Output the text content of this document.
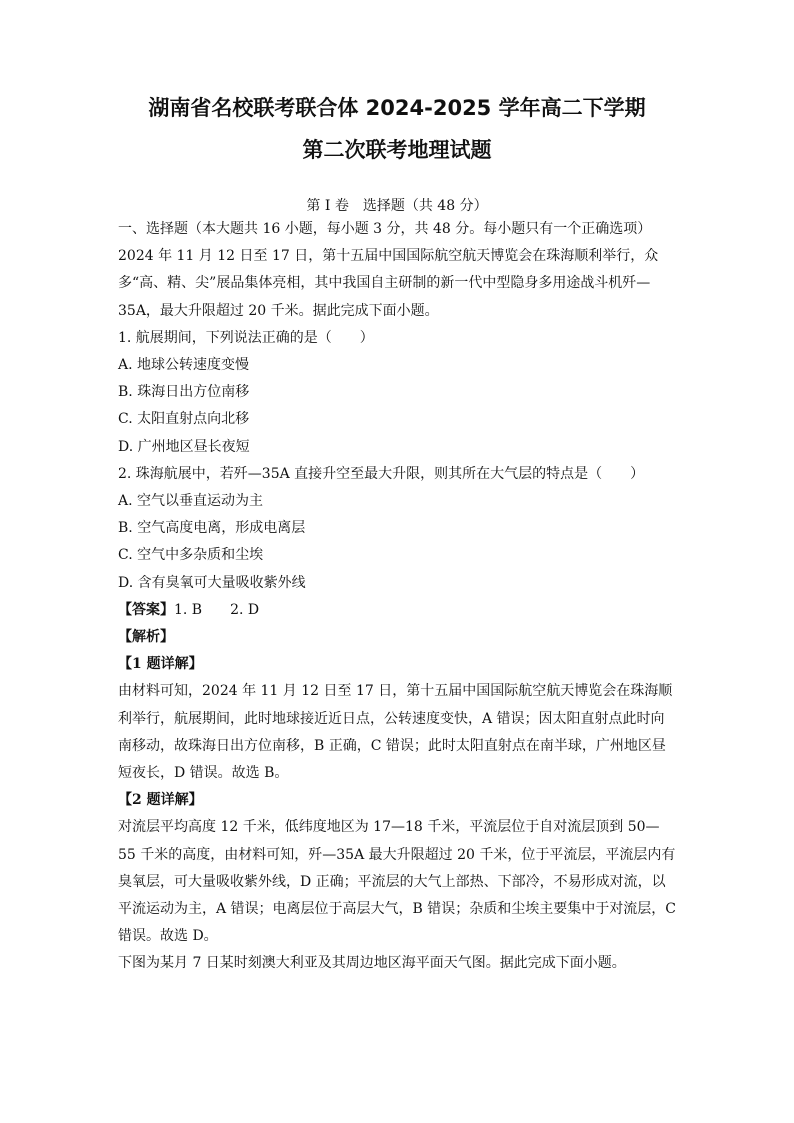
湖南省名校联考联合体 2024-2025 学年高二下学期
第二次联考地理试题
第 I 卷　选择题（共 48 分）

一、选择题（本大题共 16 小题，每小题 3 分，共 48 分。每小题只有一个正确选项）

2024 年 11 月 12 日至 17 日，第十五届中国国际航空航天博览会在珠海顺利举行，众多“高、精、尖”展品集体亮相，其中我国自主研制的新一代中型隐身多用途战斗机歼—35A，最大升限超过 20 千米。据此完成下面小题。

1. 航展期间，下列说法正确的是（　　）

A. 地球公转速度变慢

B. 珠海日出方位南移

C. 太阳直射点向北移

D. 广州地区昼长夜短

2. 珠海航展中，若歼—35A 直接升空至最大升限，则其所在大气层的特点是（　　）

A. 空气以垂直运动为主

B. 空气高度电离，形成电离层

C. 空气中多杂质和尘埃

D. 含有臭氧可大量吸收紫外线

【答案】1. B　　2. D

【解析】

【1 题详解】

由材料可知，2024 年 11 月 12 日至 17 日，第十五届中国国际航空航天博览会在珠海顺利举行，航展期间，此时地球接近近日点，公转速度变快，A 错误；因太阳直射点此时向南移动，故珠海日出方位南移，B 正确，C 错误；此时太阳直射点在南半球，广州地区昼短夜长，D 错误。故选 B。

【2 题详解】

对流层平均高度 12 千米，低纬度地区为 17—18 千米，平流层位于自对流层顶到 50—55 千米的高度，由材料可知，歼—35A 最大升限超过 20 千米，位于平流层，平流层内有臭氧层，可大量吸收紫外线，D 正确；平流层的大气上部热、下部冷，不易形成对流，以平流运动为主，A 错误；电离层位于高层大气，B 错误；杂质和尘埃主要集中于对流层，C 错误。故选 D。

下图为某月 7 日某时刻澳大利亚及其周边地区海平面天气图。据此完成下面小题。
